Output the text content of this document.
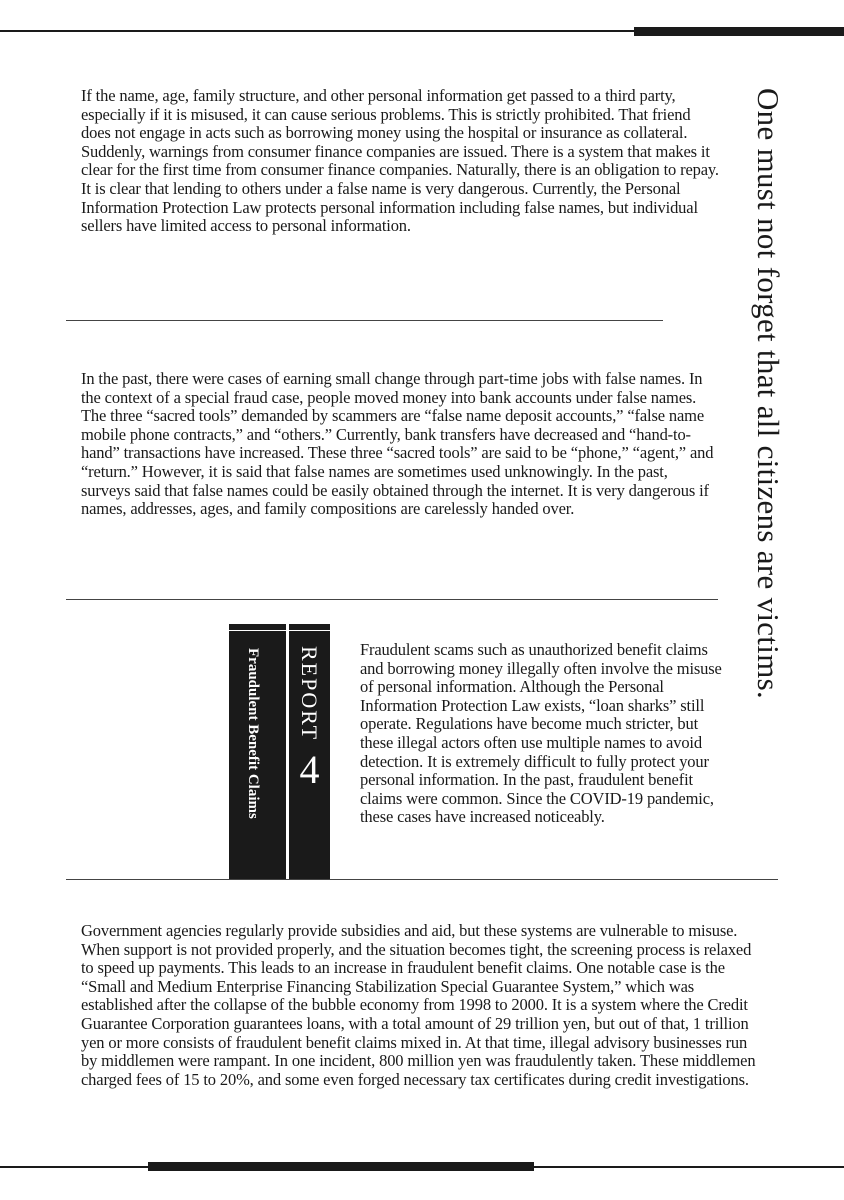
One must not forget that all citizens are victims.

If the name, age, family structure, and other personal information get passed to a third party, especially if it is misused, it can cause serious problems. This is strictly prohibited. That friend does not engage in acts such as borrowing money using the hospital or insurance as collateral. Suddenly, warnings from consumer finance companies are issued. There is a system that makes it clear for the first time from consumer finance companies. Naturally, there is an obligation to repay. It is clear that lending to others under a false name is very dangerous. Currently, the Personal Information Protection Law protects personal information including false names, but individual sellers have limited access to personal information.

In the past, there were cases of earning small change through part-time jobs with false names. In the context of a special fraud case, people moved money into bank accounts under false names. The three “sacred tools” demanded by scammers are “false name deposit accounts,” “false name mobile phone contracts,” and “others.” Currently, bank transfers have decreased and “hand-to-hand” transactions have increased. These three “sacred tools” are said to be “phone,” “agent,” and “return.” However, it is said that false names are sometimes used unknowingly. In the past, surveys said that false names could be easily obtained through the internet. It is very dangerous if names, addresses, ages, and family compositions are carelessly handed over.

Fraudulent Benefit Claims REPORT
4

Fraudulent scams such as unauthorized benefit claims and borrowing money illegally often involve the misuse of personal information. Although the Personal Information Protection Law exists, “loan sharks” still operate. Regulations have become much stricter, but these illegal actors often use multiple names to avoid detection. It is extremely difficult to fully protect your personal information. In the past, fraudulent benefit claims were common. Since the COVID-19 pandemic, these cases have increased noticeably.

Government agencies regularly provide subsidies and aid, but these systems are vulnerable to misuse. When support is not provided properly, and the situation becomes tight, the screening process is relaxed to speed up payments. This leads to an increase in fraudulent benefit claims. One notable case is the “Small and Medium Enterprise Financing Stabilization Special Guarantee System,” which was established after the collapse of the bubble economy from 1998 to 2000. It is a system where the Credit Guarantee Corporation guarantees loans, with a total amount of 29 trillion yen, but out of that, 1 trillion yen or more consists of fraudulent benefit claims mixed in. At that time, illegal advisory businesses run by middlemen were rampant. In one incident, 800 million yen was fraudulently taken. These middlemen charged fees of 15 to 20%, and some even forged necessary tax certificates during credit investigations.
